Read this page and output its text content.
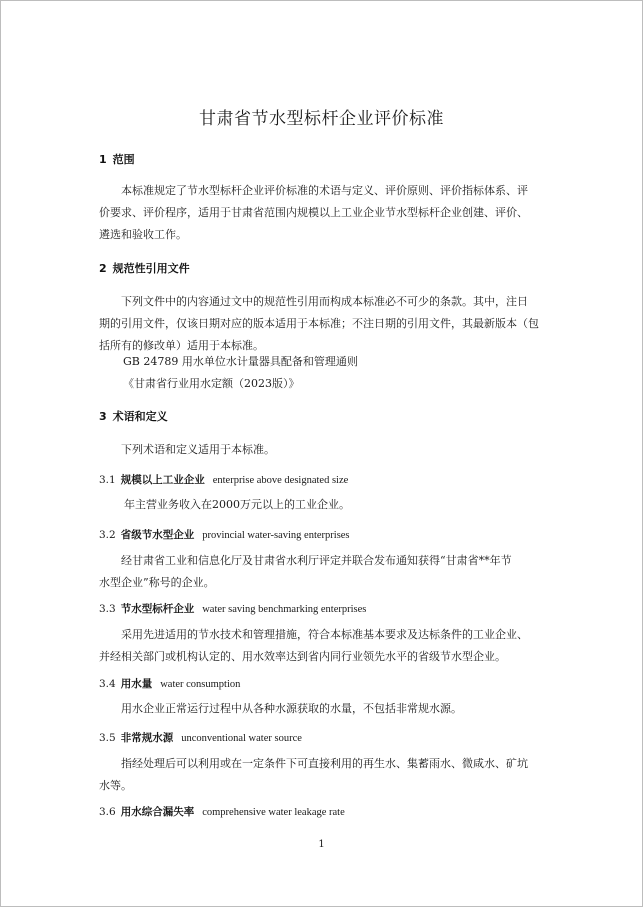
甘肃省节水型标杆企业评价标准
1 范围
本标准规定了节水型标杆企业评价标准的术语与定义、评价原则、评价指标体系、评
价要求、评价程序，适用于甘肃省范围内规模以上工业企业节水型标杆企业创建、评价、
遴选和验收工作。
2 规范性引用文件
下列文件中的内容通过文中的规范性引用而构成本标准必不可少的条款。其中，注日
期的引用文件，仅该日期对应的版本适用于本标准；不注日期的引用文件，其最新版本（包
括所有的修改单）适用于本标准。
GB 24789 用水单位水计量器具配备和管理通则
《甘肃省行业用水定额（2023版）》
3 术语和定义
下列术语和定义适用于本标准。
3.1 规模以上工业企业 enterprise above designated size
年主营业务收入在2000万元以上的工业企业。
3.2 省级节水型企业 provincial water-saving enterprises
经甘肃省工业和信息化厅及甘肃省水利厅评定并联合发布通知获得“甘肃省**年节
水型企业”称号的企业。
3.3 节水型标杆企业 water saving benchmarking enterprises
采用先进适用的节水技术和管理措施，符合本标准基本要求及达标条件的工业企业、
并经相关部门或机构认定的、用水效率达到省内同行业领先水平的省级节水型企业。
3.4 用水量 water consumption
用水企业正常运行过程中从各种水源获取的水量，不包括非常规水源。
3.5 非常规水源 unconventional water source
指经处理后可以利用或在一定条件下可直接利用的再生水、集蓄雨水、微咸水、矿坑
水等。
3.6 用水综合漏失率 comprehensive water leakage rate
1
